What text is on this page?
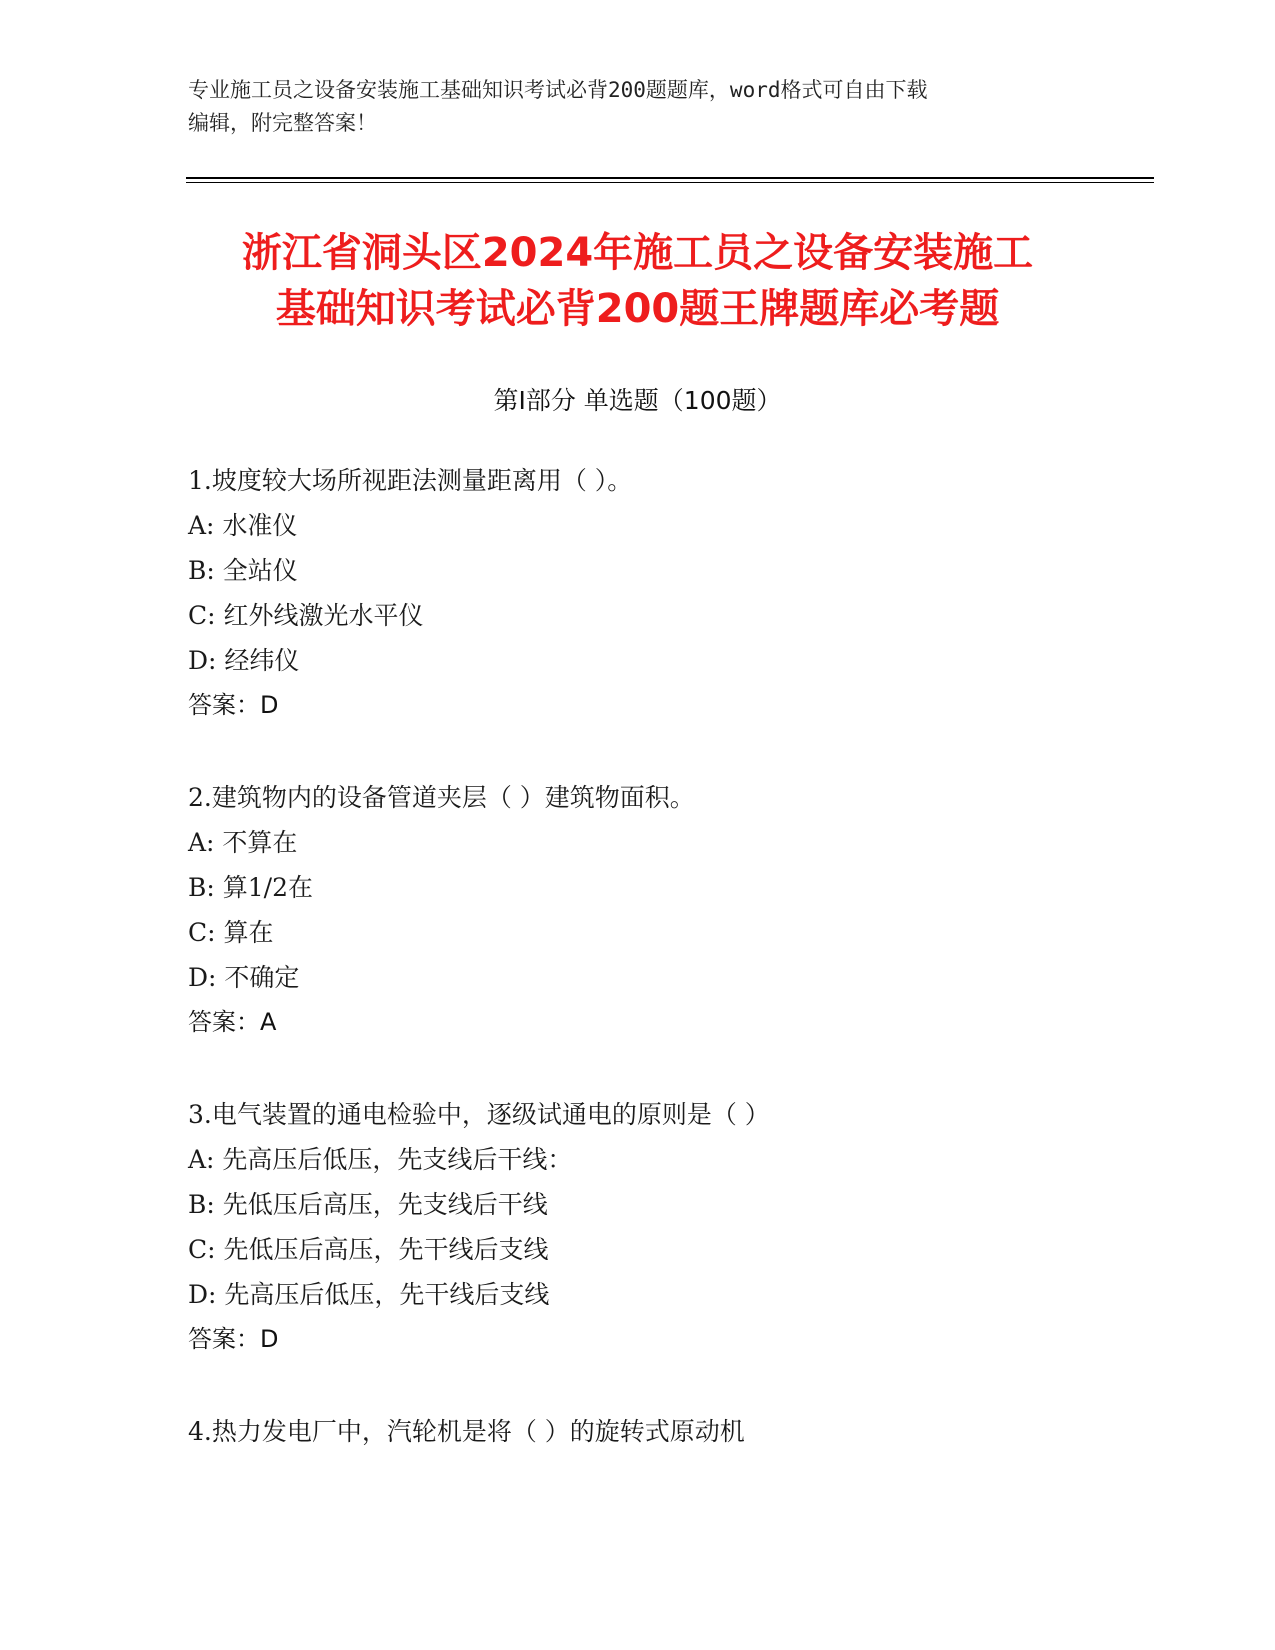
专业施工员之设备安装施工基础知识考试必背200题题库，word格式可自由下载
编辑，附完整答案！
浙江省洞头区2024年施工员之设备安装施工
基础知识考试必背200题王牌题库必考题
第Ⅰ部分 单选题（100题）
1.坡度较大场所视距法测量距离用（ ）。
A: 水准仪
B: 全站仪
C: 红外线激光水平仪
D: 经纬仪
答案：D
2.建筑物内的设备管道夹层（ ）建筑物面积。
A: 不算在
B: 算1/2在
C: 算在
D: 不确定
答案：A
3.电气装置的通电检验中，逐级试通电的原则是（ ）
A: 先高压后低压，先支线后干线：
B: 先低压后高压，先支线后干线
C: 先低压后高压，先干线后支线
D: 先高压后低压，先干线后支线
答案：D
4.热力发电厂中，汽轮机是将（ ）的旋转式原动机
